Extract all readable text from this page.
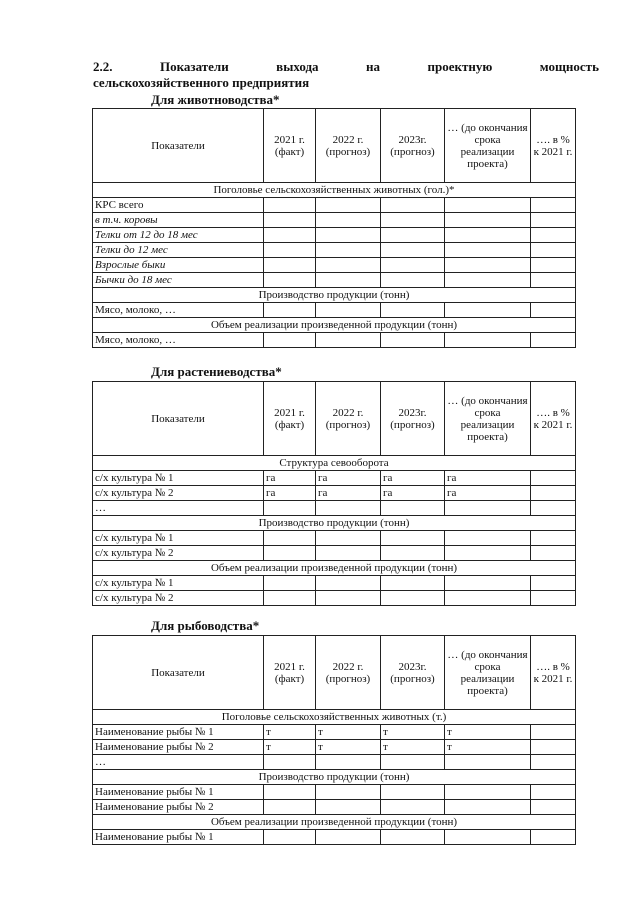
2.2.	Показатели	выхода	на	проектную	мощность
сельскохозяйственного предприятия
Для животноводства*
Показатели	2021 г. (факт)	2022 г. (прогноз)	2023г. (прогноз)	… (до окончания срока реализации проекта)	…. в % к 2021 г.
Поголовье сельскохозяйственных животных (гол.)*					
КРС всего					
в т.ч. коровы					
Телки от 12 до 18 мес					
Телки до 12 мес					
Взрослые быки					
Бычки до 18 мес					
Производство продукции (тонн)					
Мясо, молоко, …					
Объем реализации произведенной продукции (тонн)					
Мясо, молоко, …					
Для растениеводства*
Показатели	2021 г. (факт)	2022 г. (прогноз)	2023г. (прогноз)	… (до окончания срока реализации проекта)	…. в % к 2021 г.
Структура севооборота					
с/х культура № 1	га	га	га	га	
с/х культура № 2	га	га	га	га	
…					
Производство продукции (тонн)					
с/х культура № 1					
с/х культура № 2					
Объем реализации произведенной продукции (тонн)					
с/х культура № 1					
с/х культура № 2					
Для рыбоводства*
Показатели	2021 г. (факт)	2022 г. (прогноз)	2023г. (прогноз)	… (до окончания срока реализации проекта)	…. в % к 2021 г.
Поголовье сельскохозяйственных животных (т.)					
Наименование рыбы № 1	т	т	т	т	
Наименование рыбы № 2	т	т	т	т	
…					
Производство продукции (тонн)					
Наименование рыбы № 1					
Наименование рыбы № 2					
Объем реализации произведенной продукции (тонн)					
Наименование рыбы № 1					
